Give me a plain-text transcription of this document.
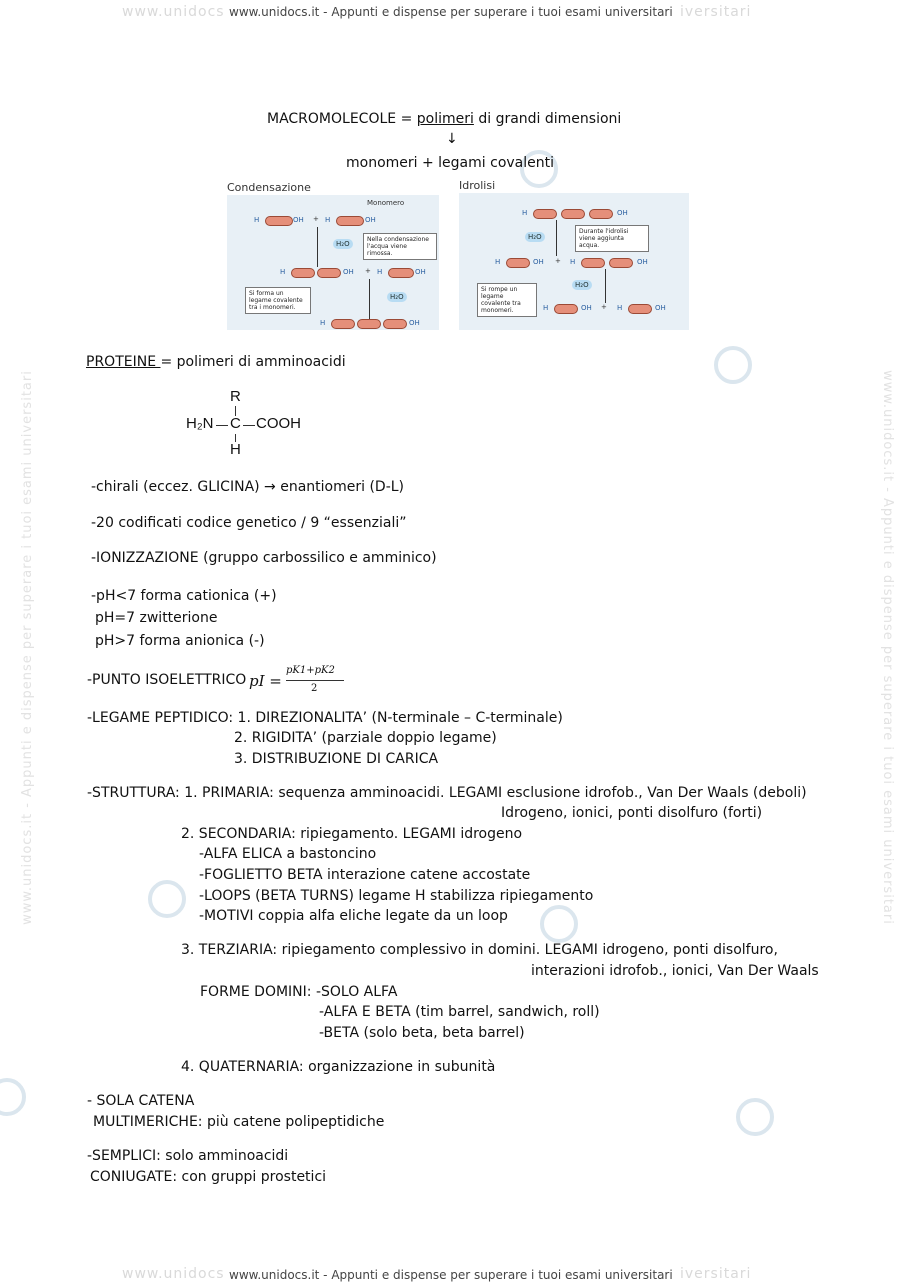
www.unidocs	iversitari
www.unidocs.it - Appunti e dispense per superare i tuoi esami universitari
www.unidocs.it - Appunti e dispense per superare i tuoi esami universitari	www.unidocs.it - Appunti e dispense per superare i tuoi esami universitari
MACROMOLECOLE = polimeri di grandi dimensioni
↓
monomeri + legami covalenti
Condensazione
H	OH + H	OH
Monomero
H₂O
Nella condensazione l'acqua viene rimossa.
H	OH + H	OH
H₂O
Si forma un legame covalente tra i monomeri.
H	OH
Idrolisi
H	OH
H₂O
Durante l'idrolisi viene aggiunta acqua.
H	OH + H	OH
H₂O
Si rompe un legame covalente tra monomeri.	H	OH + H	OH
PROTEINE = polimeri di amminoacidi
R
H₂N C COOH
H
-chirali (eccez. GLICINA) → enantiomeri (D-L)
-20 codificati codice genetico / 9 “essenziali”
-IONIZZAZIONE (gruppo carbossilico e amminico)
-pH<7 forma cationica (+)
pH=7 zwitterione
pH>7 forma anionica (-)
-PUNTO ISOELETTRICO pI =
pK1+pK2
2
-LEGAME PEPTIDICO: 1. DIREZIONALITA’ (N-terminale – C-terminale)
2. RIGIDITA’ (parziale doppio legame)
3. DISTRIBUZIONE DI CARICA
-STRUTTURA: 1. PRIMARIA: sequenza amminoacidi. LEGAMI esclusione idrofob., Van Der Waals (deboli)
Idrogeno, ionici, ponti disolfuro (forti)
2. SECONDARIA: ripiegamento. LEGAMI idrogeno
-ALFA ELICA a bastoncino
-FOGLIETTO BETA interazione catene accostate
-LOOPS (BETA TURNS) legame H stabilizza ripiegamento
-MOTIVI coppia alfa eliche legate da un loop
3. TERZIARIA: ripiegamento complessivo in domini. LEGAMI idrogeno, ponti disolfuro,
interazioni idrofob., ionici, Van Der Waals
FORME DOMINI: -SOLO ALFA
-ALFA E BETA (tim barrel, sandwich, roll)
-BETA (solo beta, beta barrel)
4. QUATERNARIA: organizzazione in subunità
- SOLA CATENA
MULTIMERICHE: più catene polipeptidiche
-SEMPLICI: solo amminoacidi
CONIUGATE: con gruppi prostetici
www.unidocs	iversitari
www.unidocs.it - Appunti e dispense per superare i tuoi esami universitari
